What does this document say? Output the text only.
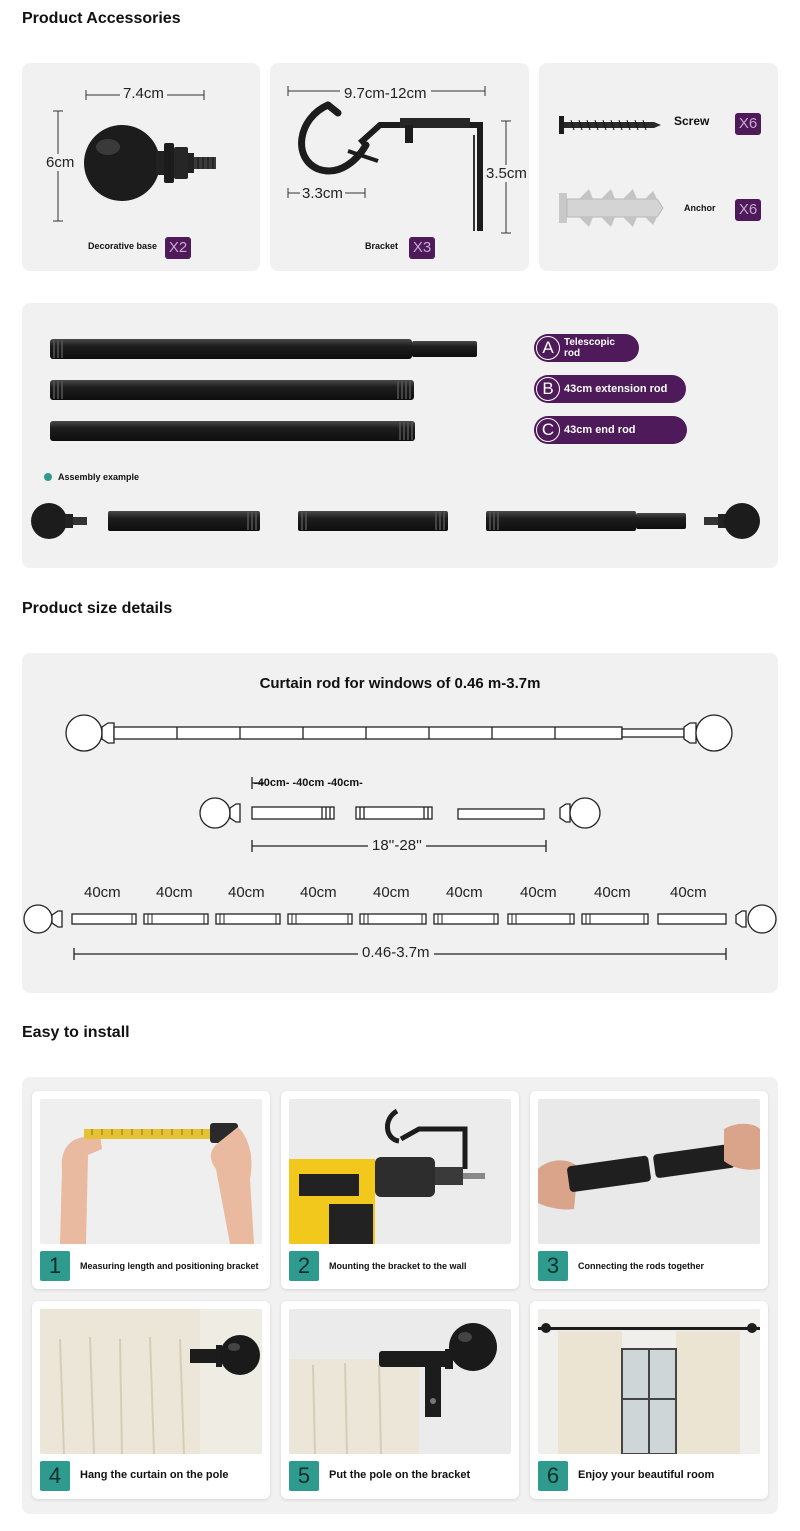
Product Accessories
7.4cm
6cm
Decorative base X2
9.7cm-12cm
3.3cm
3.5cm
Bracket X3
Screw X6
Anchor X6
A	Telescopic
rod
B 43cm extension rod
C 43cm end rod
Assembly example
Product size details
Curtain rod for windows of 0.46 m-3.7m
-40cm- -40cm -40cm-
18''-28''
40cm 40cm 40cm 40cm 40cm 40cm 40cm 40cm	40cm
0.46-3.7m
Easy to install
1	Measuring length and positioning bracket	2	Mounting the bracket to the wall	3	Connecting the rods together
4	Hang the curtain on the pole	5	Put the pole on the bracket	6	Enjoy your beautiful room
